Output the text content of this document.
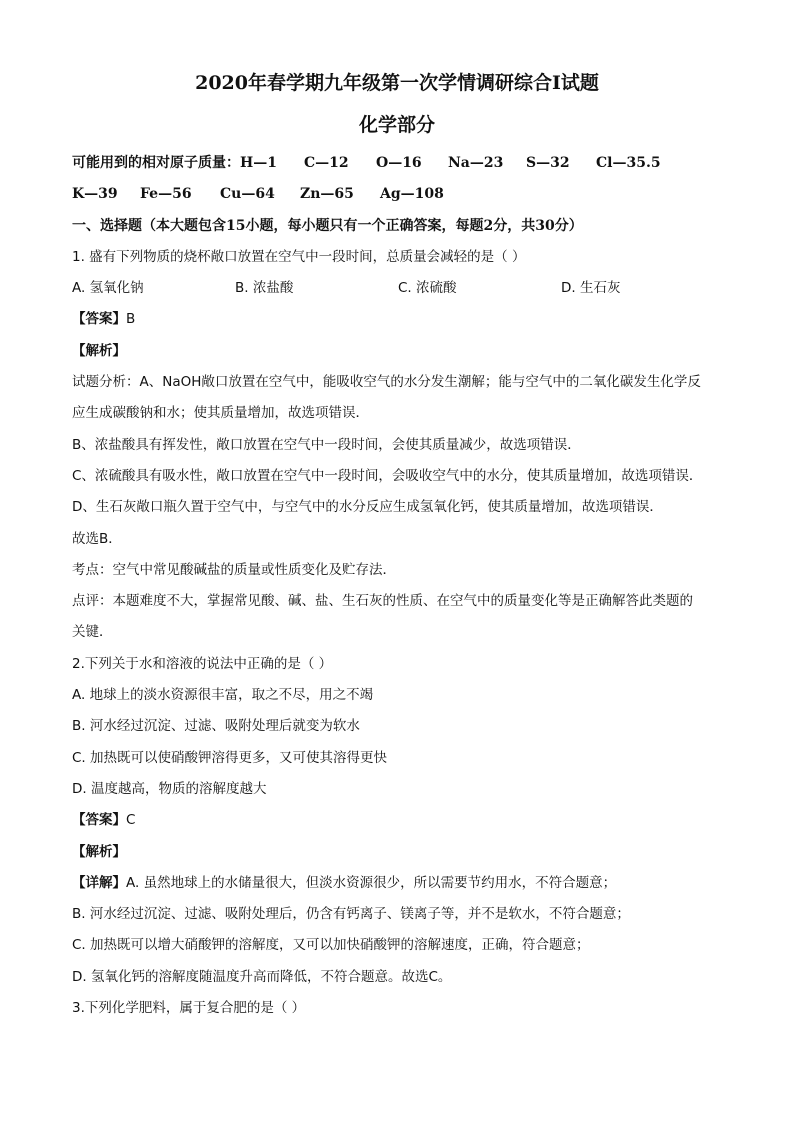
2020年春学期九年级第一次学情调研综合Ⅰ试题
化学部分
可能用到的相对原子质量：H—1 C—12 O—16 Na—23 S—32 Cl—35.5
K—39 Fe—56 Cu—64 Zn—65 Ag—108
一、选择题（本大题包含15小题，每小题只有一个正确答案，每题2分，共30分）
1. 盛有下列物质的烧杯敞口放置在空气中一段时间，总质量会减轻的是（ ）
A. 氢氧化钠	B. 浓盐酸	C. 浓硫酸	D. 生石灰
【答案】B
【解析】
试题分析：A、NaOH敞口放置在空气中，能吸收空气的水分发生潮解；能与空气中的二氧化碳发生化学反
应生成碳酸钠和水；使其质量增加，故选项错误．
B、浓盐酸具有挥发性，敞口放置在空气中一段时间，会使其质量减少，故选项错误．
C、浓硫酸具有吸水性，敞口放置在空气中一段时间，会吸收空气中的水分，使其质量增加，故选项错误．
D、生石灰敞口瓶久置于空气中，与空气中的水分反应生成氢氧化钙，使其质量增加，故选项错误．
故选B．
考点：空气中常见酸碱盐的质量或性质变化及贮存法．
点评：本题难度不大，掌握常见酸、碱、盐、生石灰的性质、在空气中的质量变化等是正确解答此类题的
关键．
2.下列关于水和溶液的说法中正确的是（ ）
A. 地球上的淡水资源很丰富，取之不尽，用之不竭
B. 河水经过沉淀、过滤、吸附处理后就变为软水
C. 加热既可以使硝酸钾溶得更多，又可使其溶得更快
D. 温度越高，物质的溶解度越大
【答案】C
【解析】
【详解】A. 虽然地球上的水储量很大，但淡水资源很少，所以需要节约用水，不符合题意；
B. 河水经过沉淀、过滤、吸附处理后，仍含有钙离子、镁离子等，并不是软水，不符合题意；
C. 加热既可以增大硝酸钾的溶解度，又可以加快硝酸钾的溶解速度，正确，符合题意；
D. 氢氧化钙的溶解度随温度升高而降低，不符合题意。故选C。
3.下列化学肥料，属于复合肥的是（ ）
